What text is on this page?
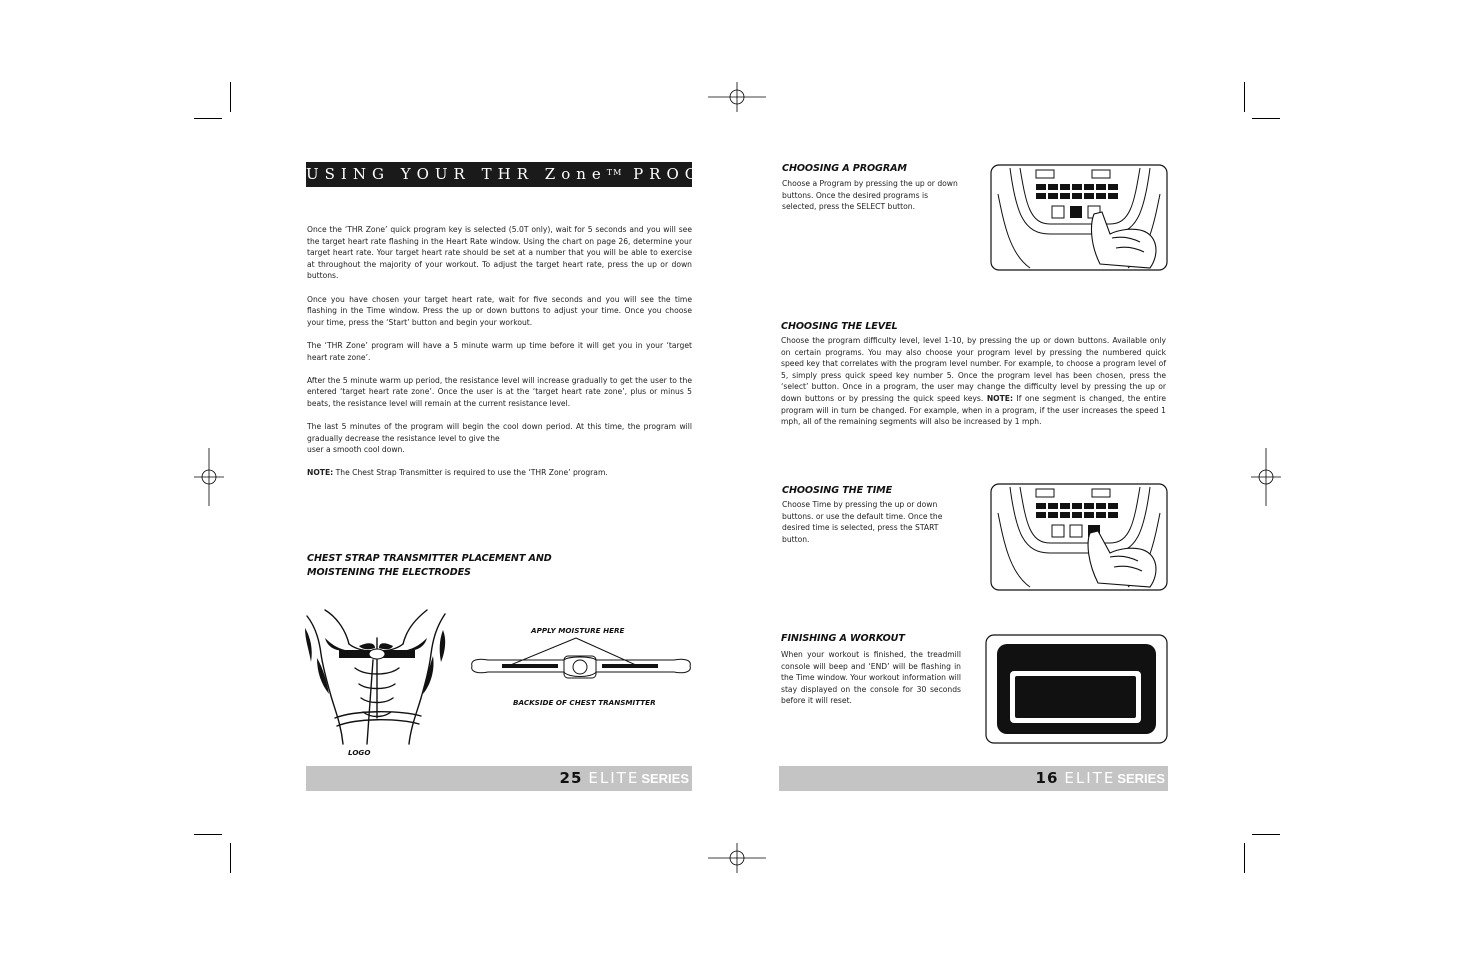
USING YOUR THR Zone™ PROGRAM

Once the ‘THR Zone’ quick program key is selected (5.0T only), wait for 5 seconds and you will see the target heart rate flashing in the Heart Rate window. Using the chart on page 26, determine your target heart rate. Your target heart rate should be set at a number that you will be able to exercise at throughout the majority of your workout. To adjust the target heart rate, press the up or down buttons.

Once you have chosen your target heart rate, wait for five seconds and you will see the time flashing in the Time window. Press the up or down buttons to adjust your time. Once you choose your time, press the ‘Start’ button and begin your workout.

The ‘THR Zone’ program will have a 5 minute warm up time before it will get you in your ‘target heart rate zone’.

After the 5 minute warm up period, the resistance level will increase gradually to get the user to the entered ‘target heart rate zone’. Once the user is at the ‘target heart rate zone’, plus or minus 5 beats, the resistance level will remain at the current resistance level.

The last 5 minutes of the program will begin the cool down period. At this time, the program will gradually decrease the resistance level to give the

user a smooth cool down.

NOTE: The Chest Strap Transmitter is required to use the ‘THR Zone’ program.

CHEST STRAP TRANSMITTER PLACEMENT AND
MOISTENING THE ELECTRODES
LOGO
APPLY MOISTURE HERE
BACKSIDE OF CHEST TRANSMITTER
25 ELITE SERIES
CHOOSING A PROGRAM

Choose a Program by pressing the up or down buttons. Once the desired programs is selected, press the SELECT button.

CHOOSING THE LEVEL

Choose the program difficulty level, level 1-10, by pressing the up or down buttons. Available only on certain programs. You may also choose your program level by pressing the numbered quick speed key that correlates with the program level number. For example, to choose a program level of 5, simply press quick speed key number 5. Once the program level has been chosen, press the ‘select’ button. Once in a program, the user may change the difficulty level by pressing the up or down buttons or by pressing the quick speed keys. NOTE: If one segment is changed, the entire program will in turn be changed. For example, when in a program, if the user increases the speed 1 mph, all of the remaining segments will also be increased by 1 mph.

CHOOSING THE TIME

Choose Time by pressing the up or down buttons. or use the default time. Once the desired time is selected, press the START button.

FINISHING A WORKOUT

When your workout is finished, the treadmill console will beep and ‘END’ will be flashing in the Time window. Your workout information will stay displayed on the console for 30 seconds before it will reset.

16 ELITE SERIES
